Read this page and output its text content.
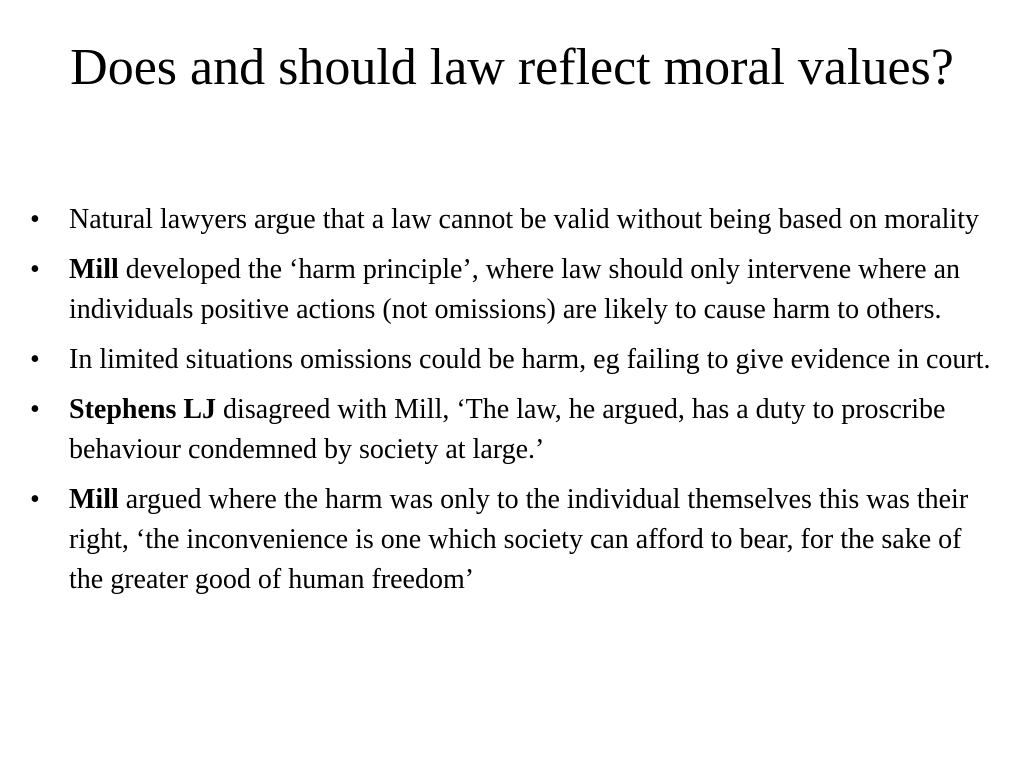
Does and should law reflect moral values?
•	Natural lawyers argue that a law cannot be valid without being based on morality
•	Mill developed the ‘harm principle’, where law should only intervene where an individuals positive actions (not omissions) are likely to cause harm to others.
•	In limited situations omissions could be harm, eg failing to give evidence in court.
•	Stephens LJ disagreed with Mill, ‘The law, he argued, has a duty to proscribe behaviour condemned by society at large.’
•	Mill argued where the harm was only to the individual themselves this was their right, ‘the inconvenience is one which society can afford to bear, for the sake of the greater good of human freedom’
